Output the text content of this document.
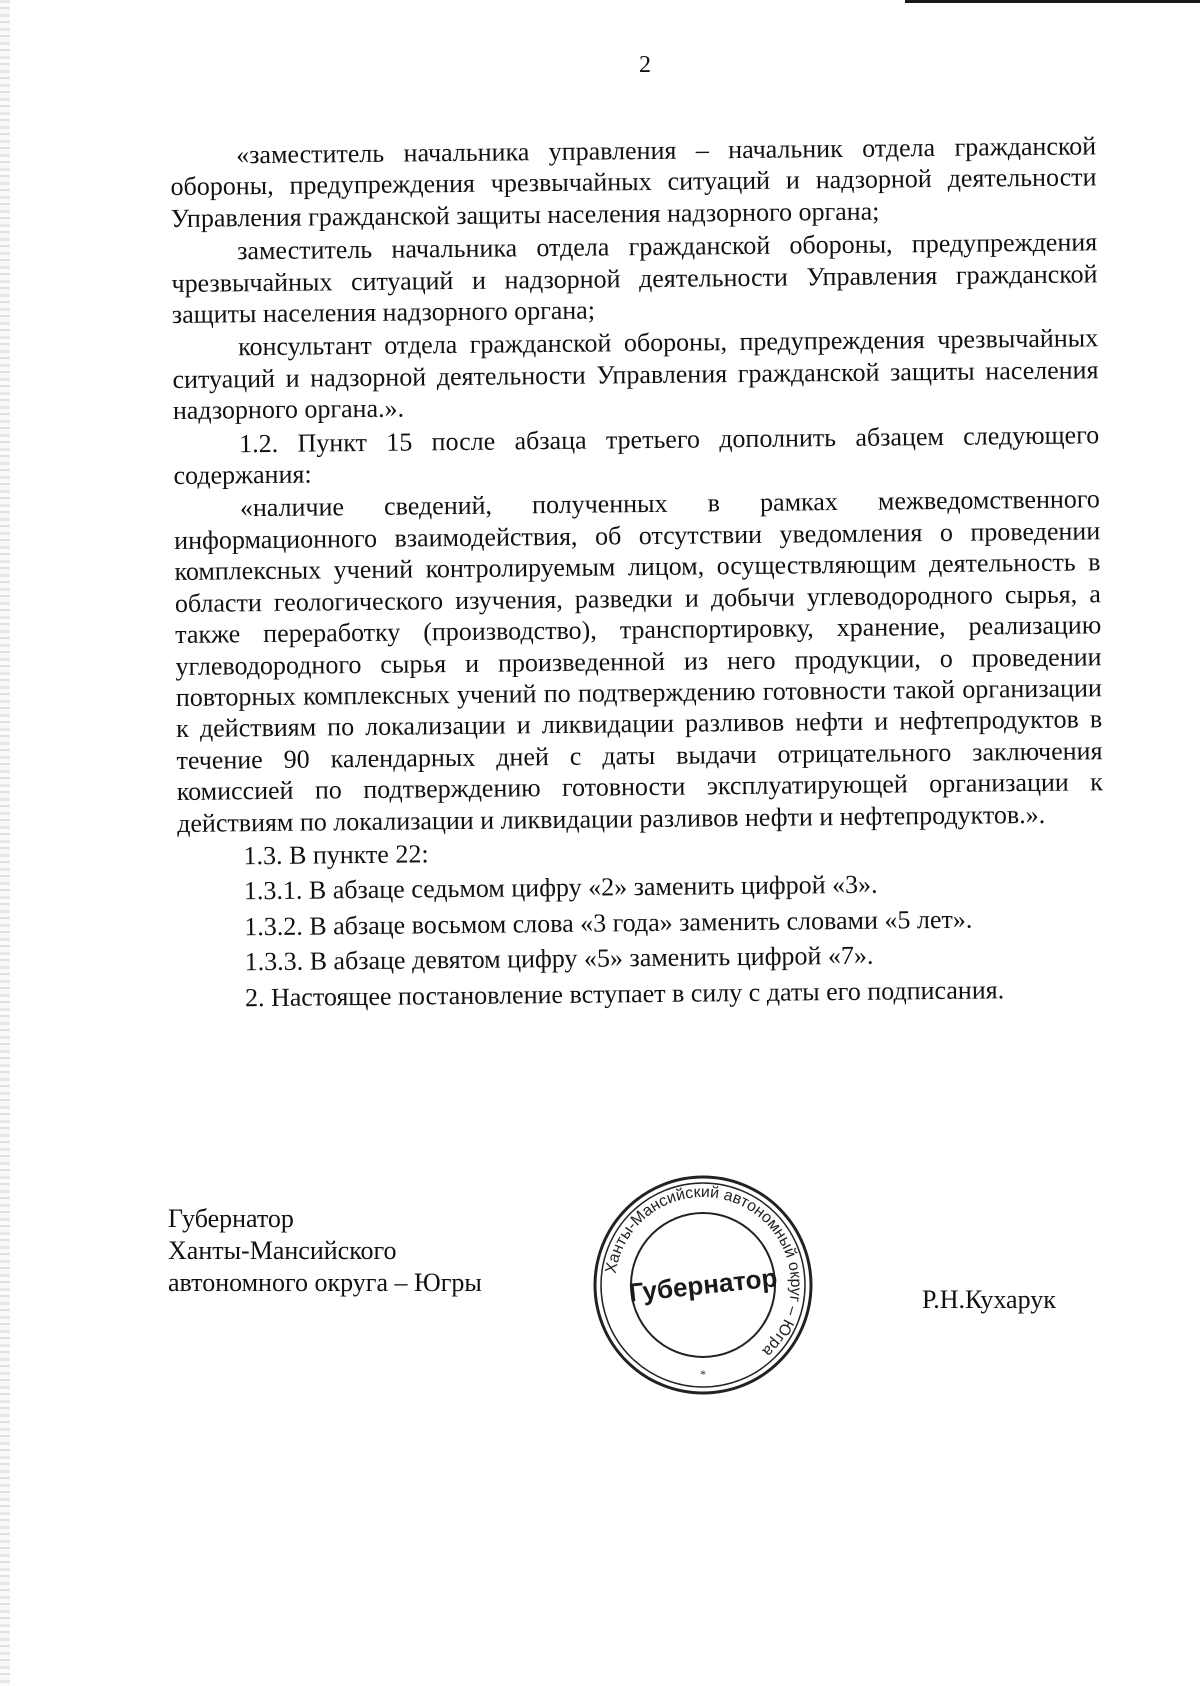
2

«заместитель начальника управления – начальник отдела гражданской обороны, предупреждения чрезвычайных ситуаций и надзорной деятельности Управления гражданской защиты населения надзорного органа;

заместитель начальника отдела гражданской обороны, предупреждения чрезвычайных ситуаций и надзорной деятельности Управления гражданской защиты населения надзорного органа;

консультант отдела гражданской обороны, предупреждения чрезвычайных ситуаций и надзорной деятельности Управления гражданской защиты населения надзорного органа.».

1.2. Пункт 15 после абзаца третьего дополнить абзацем следующего содержания:

«наличие сведений, полученных в рамках межведомственного информационного взаимодействия, об отсутствии уведомления о проведении комплексных учений контролируемым лицом, осуществляющим деятельность в области геологического изучения, разведки и добычи углеводородного сырья, а также переработку (производство), транспортировку, хранение, реализацию углеводородного сырья и произведенной из него продукции, о проведении повторных комплексных учений по подтверждению готовности такой организации к действиям по локализации и ликвидации разливов нефти и нефтепродуктов в течение 90 календарных дней с даты выдачи отрицательного заключения комиссией по подтверждению готовности эксплуатирующей организации к действиям по локализации и ликвидации разливов нефти и нефтепродуктов.».

1.3. В пункте 22:

1.3.1. В абзаце седьмом цифру «2» заменить цифрой «3».

1.3.2. В абзаце восьмом слова «3 года» заменить словами «5 лет».

1.3.3. В абзаце девятом цифру «5» заменить цифрой «7».

2. Настоящее постановление вступает в силу с даты его подписания.

Губернатор
Ханты-Мансийского
автономного округа – Югры
Ханты-Мансийский автономный округ – Югра
Губернатор
*
Р.Н.Кухарук
